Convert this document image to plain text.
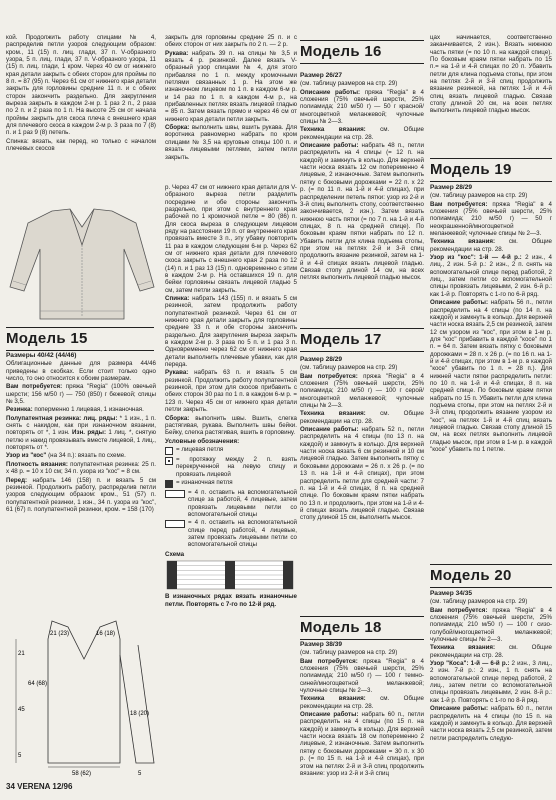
кой. Продолжить работу спицами № 4, распределив петли узоров следующим образом: кром., 11 (15) п. лиц. глади, 37 п. V-образного узора, 5 п. лиц. глади, 37 п. V-образного узора, 11 (15) п. лиц. глади, 1 кром. Через 40 см от нижнего края детали закрыть с обеих сторон для проймы по 8 п. = 87 (95) п. Через 61 см от нижнего края детали закрыть для горловины средние 11 п. и с обеих сторон закончить раздельно. Для закругления выреза закрыть в каждом 2-м р. 1 раз 2 п., 2 раза по 2 п. и 2 раза по 1 п. На высоте 25 см от начала проймы закрыть для скоса плеча с внешнего края для плечевого скоса в каждом 2-м р. 3 раза по 7 (8) п. и 1 раз 9 (8) петель.

Спинка: вязать, как перед, но только с началом плечевых скосов

Модель 15

Размеры 40/42 (44/46)

Облигационные данные для размера 44/46 приведены в скобках. Если стоит только одно число, то оно относится к обоим размерам.

Вам потребуется: пряжа "Regia" (100% овечьей шерсти; 156 м/50 г) — 750 (850) г бежевой; спицы № 3,5.

Резинка: поперменно 1 лицевая, 1 изнаночная.

Полупатентная резинка: лиц. ряды: * 1 изн., 1 п. снять с накидом, как при изнаночном вязании, повторять от *, 1 изн. Изн. ряды: 1 лиц. *, снятую петлю и накид провязывать вместе лицевой, 1 лиц., повторять от *.

Узор из "кос" (на 34 п.): вязать по схеме.

Плотность вязания: полупатентная резинка: 25 п. х 48 р. = 10 х 10 см; 34 п. узора из "кос" = 8 см.

Перед: набрать 146 (158) п. и вязать 5 см резинкой. Продолжить работу, распределив петли узоров следующим образом: кром., 51 (57) п. полупатентной резинки, 1 изн., 34 п. узора из "кос", 61 (67) п. полупатентной резинки, кром. = 158 (170)

58 (62)
45
5
21
64 (68)
21 (23)	16 (18)
18 (20)
5

закрыть для горловины средние 25 п. и с обеих сторон от них закрыть по 2 п. — 2 р.

Рукава: набрать 39 п. на спицы № 3,5 и вязать 4 р. резинкой. Далее вязать V-образный узор спицами № 4, для этого прибавляя по 1 п. между кромочными петлями связанных 1 р. На этом же изнаночном лицевом по 1 п. в каждом 6-м р. и 14 раз по 1 п. в каждом 4-м р., на прибавленных петлях вязать лицевой гладью = 85 п. Затем вязать прямо и через 46 см от нижнего края детали петли закрыть.

Сборка: выполнить швы, вшить рукава. Для воротника равномерно набрать по кром спицами № 3,5 на круговые спицы 100 п. и вязать лицевыми петлями, затем петли закрыть.

р. Через 47 см от нижнего края детали для V-образного выреза петли разделить посредине и обе стороны закончить раздельно, при этом с внутреннего края рабочей по 1 кромочной петле = 80 (86) п. Для скоса выреза в следующем лицевом ряду на расстоянии 19 п. от внутреннего края провязать вместе 3 п., эту убавку повторить 11 раз в каждом следующем 6-м р. Через 62 см от нижнего края детали для плечевого скоса закрыть с внешнего края 2 раза по 12 (14) п. и 1 раз 13 (15) п. одновременно с этим в каждом 2-м р. На оставшихся 19 п. для бейки горловины связать лицевой гладью 5 см, затем петли закрыть.

Спинка: набрать 143 (155) п. и вязать 5 см резинкой, затем продолжить работу полупатентной резинкой. Через 61 см от нижнего края детали закрыть для горловины средние 33 п. и обе стороны закончить раздельно. Для закругления выреза закрыть в каждом 2-м р. 3 раза по 5 п. и 1 раз 3 п. Одновременно через 62 см от нижнего края детали выполнить плечевые убавки, как для переда.

Рукава: набрать 63 п. и вязать 5 см резинкой. Продолжить работу полупатентной резинкой, при этом для скосов прибавить с обеих сторон 30 раз по 1 п. в каждом 6-м р. = 123 п. Через 45 см от нижнего края детали петли закрыть.

Сборка: выполнить швы. Вшить, слегка растягивая, рукава. Выполнить швы бейки. Бейку, слегка растягивая, вшить в горловину.

Условные обозначения:

= лицевая петля
= протяжку между 2 п. взять перекрученной на левую спицу и провязать лицевой
= изнаночная петля
= 4 п. оставить на вспомогательной спице за работой, 4 лицевые, затем провязать лицевыми петли со вспомогательной спицы
= 4 п. оставить на вспомогательной спице перед работой, 4 лицевые, затем провязать лицевыми петли со вспомогательной спицы

Схема

В изнаночных рядах вязать изнаночные петли. Повторять с 7-го по 12-й ряд.

Модель 16

Размер 26/27

(см. таблицу размеров на стр. 29)

Описание работы: пряжа "Regia" в 4 сложения (75% овечьей шерсти, 25% полиамида; 210 м/50 г) — 50 г красной/многоцветной меланжевой; чулочные спицы № 2—3.

Техника вязания: см. Общие рекомендации на стр. 28.

Описание работы: набрать 48 п., петли распределить на 4 спицы (= 12 п. на каждой) и замкнуть в кольцо. Для верхней части носка вязать 12 см попеременно 4 лицевые, 2 изнаночные. Затем выполнить пятку с боковыми дорожками = 22 п. х 22 р. (= по 11 п. на 1-й и 4-й спицах), при распределении петель пятки: узор из 2-й и 3-й спиц выполнить стопу, соответственно закончивается, 2 изн.). Затем вязать нижнюю часть пятки (= по 7 п. на 1-й и 4-й спицах, 8 п. на средней спице). По боковым краям пятки набрать по 12 п. Убавить петли для клина подъема стопы, при этом на петлях 2-й и 3-й спиц продолжить вязание резинкой, затем на 1-й и 4-й спицах вязать лицевой гладью. Связав стопу длиной 14 см, на всех петлях выполнить лицевой гладью мысок.

Модель 17

Размер 28/29

(см. таблицу размеров на стр. 29)

Вам потребуется: пряжа "Regia" в 4 сложения (75% овечьей шерсти, 25% полиамида; 210 м/50 г) — 100 г серой/многоцветной меланжевой; чулочные спицы № 2—3.

Техника вязания: см. Общие рекомендации на стр. 28.

Описание работы: набрать 52 п., петли распределить на 4 спицы (по 13 п. на каждой) и замкнуть в кольцо. Для верхней части носка вязать 6 см резинкой и 10 см лицевой гладью. Затем выполнить пятку с боковыми дорожками = 26 п. х 26 р. (= по 13 п. на 1-й и 4-й спицах), при этом распределить петли для средней части: 7 п. на 1-й и 4-й спицах, 8 п. на средней спице. По боковым краям пятки набрать по 13 п. и продолжить, при этом на 1-й и 4-й спицах вязать лицевой гладью. Связав стопу длиной 15 см, выполнить мысок.

Модель 18

Размер 38/39

(см. таблицу размеров на стр. 29)

Вам потребуется: пряжа "Regia" в 4 сложения (75% овечьей шерсти, 25% полиамида; 210 м/50 г) — 100 г темно-синей/многоцветной меланжевой; чулочные спицы № 2—3.

Техника вязания: см. Общие рекомендации на стр. 28.

Описание работы: набрать 60 п., петли распределить на 4 спицы (по 15 п. на каждой) и замкнуть в кольцо. Для верхней части носка вязать 18 см попеременно 2 лицевые, 2 изнаночные. Затем выполнить пятку с боковыми дорожками = 30 п. х 30 р. (= по 15 п. на 1-й и 4-й спицах), при этом на петлях 2-й и 3-й спиц продолжить вязание: узор из 2-й и 3-й спиц

цах начинается, соответственно заканчивается, 2 изн.). Вязать нижнюю часть пятки (= по 10 п. на каждой спице). По боковым краям пятки набрать по 15 п.= на 1-й и 4-й спицах по 20 п. Убавить петли для клина подъема стопы, при этом на петлях 2-й и 3-й спиц продолжить вязание резинкой, на петлях 1-й и 4-й спиц вязать лицевой гладью. Связав стопу длиной 20 см, на всех петлях выполнить лицевой гладью мысок.

Модель 19

Размер 28/29

(см. таблицу размеров на стр. 29)

Вам потребуется: пряжа "Regia" в 4 сложения (75% овечьей шерсти, 25% полиамида; 210 м/50 г) — 50 г неокрашенной/многоцветной меланжевой; чулочные спицы № 2—3.

Техника вязания: см. Общие рекомендации на стр. 28.

Узор из "кос": 1-й — 4-й р.: 2 изн., 4 лиц., 2 изн. 5-й р.: 2 изн., 2 п. снять на вспомогательной спице перед работой, 2 лиц., затем петли со вспомогательной спицы провязать лицевыми, 2 изн. 6-й р.: как 1-й р. Повторять с 1-го по 6-й ряд.

Описание работы: набрать 56 п., петли распределить на 4 спицы (по 14 п. на каждой) и замкнуть в кольцо. Для верхней части носка вязать 2,5 см резинкой, затем 12 см узором из "кос", при этом в 1-м р. для "кос" прибавить в каждой "косе" по 1 п. = 64 п. Затем вязать пятку с боковыми дорожками = 28 п. х 26 р. (= по 16 п. на 1-й и 4-й спицах, при этом в 1-м р. в каждой "косе" убавить по 1 п. = 28 п.). Для нижней части пятки распределить петли: по 10 п. на 1-й и 4-й спицах, 8 п. на средней спице. По боковым краям пятки набрать по 15 п. Убавить петли для клина подъема стопы, при этом на петлях 2-й и 3-й спиц продолжить вязание узором из "кос", на петлях 1-й и 4-й спиц вязать лицевой гладью. Связав стопу длиной 15 см, на всех петлях выполнить лицевой гладью мысок, при этом в 1-м р. в каждой "косе" убавить по 1 петле.

Модель 20

Размер 34/35

(см. таблицу размеров на стр. 29)

Вам потребуется: пряжа "Regia" в 4 сложения (75% овечьей шерсти, 25% полиамида; 210 м/50 г) — 100 г сизо-голубой/многоцветной меланжевой; чулочные спицы № 2—3.

Техника вязания: см. Общие рекомендации на стр. 28.

Узор "Коса": 1-й — 6-й р.: 2 изн., 3 лиц., 2 изн. 7-й р.: 2 изн., 1 п. снять на вспомогательной спице перед работой, 2 лиц., затем петли со вспомогательной спицы провязать лицевыми, 2 изн. 8-й р.: как 1-й р. Повторять с 1-го по 8-й ряд.

Описание работы: набрать 60 п., петли распределить на 4 спицы (по 15 п. на каждой) и замкнуть в кольцо. Для верхней части носка вязать 2,5 см резинкой, затем петли распределить следую-

34 VERENA 12/96
